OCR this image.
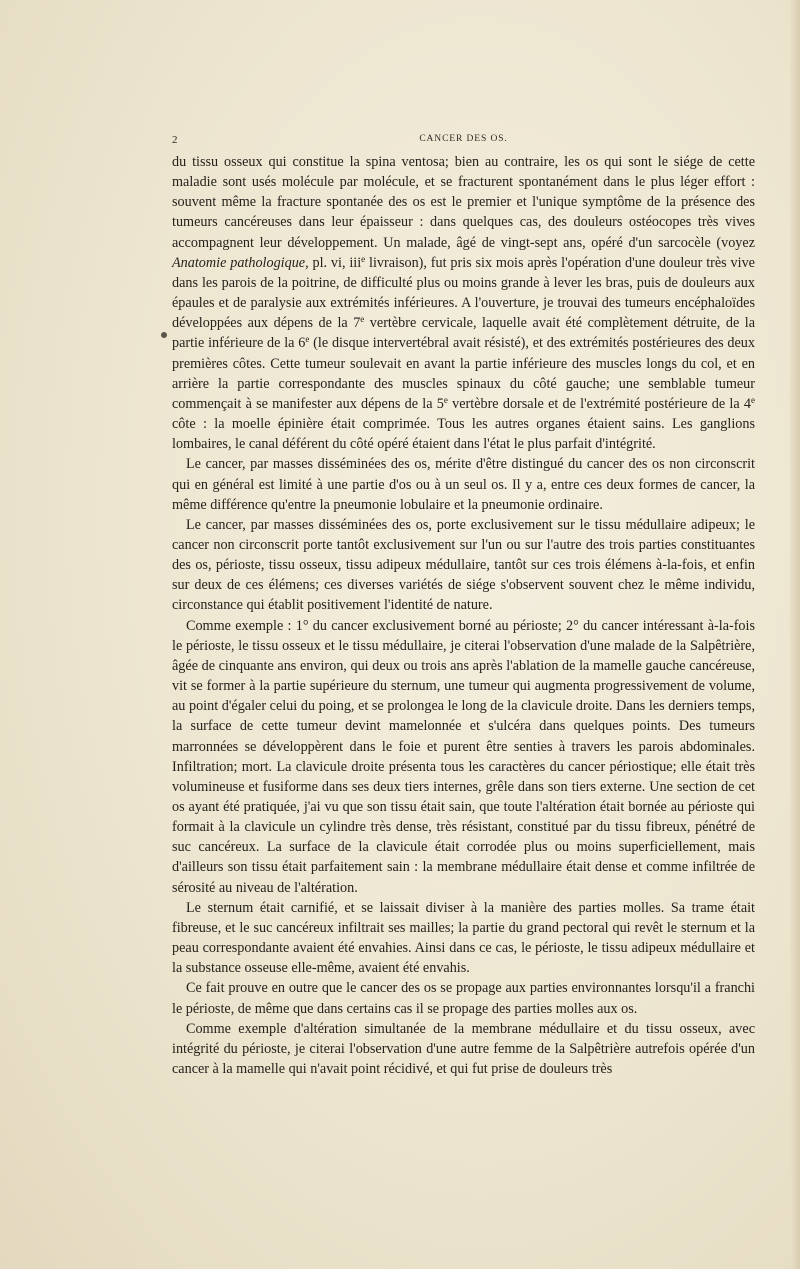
2	CANCER DES OS.

du tissu osseux qui constitue la spina ventosa; bien au contraire, les os qui sont le siége de cette maladie sont usés molécule par molécule, et se fracturent spontanément dans le plus léger effort : souvent même la fracture spontanée des os est le premier et l'unique symptôme de la présence des tumeurs cancéreuses dans leur épaisseur : dans quelques cas, des douleurs ostéocopes très vives accompagnent leur développement. Un malade, âgé de vingt-sept ans, opéré d'un sarcocèle (voyez Anatomie pathologique, pl. vi, iii$^e$ livraison), fut pris six mois après l'opération d'une douleur très vive dans les parois de la poitrine, de difficulté plus ou moins grande à lever les bras, puis de douleurs aux épaules et de paralysie aux extrémités inférieures. A l'ouverture, je trouvai des tumeurs encéphaloïdes développées aux dépens de la 7e vertèbre cervicale, laquelle avait été complètement détruite, de la partie inférieure de la 6e (le disque intervertébral avait résisté), et des extrémités postérieures des deux premières côtes. Cette tumeur soulevait en avant la partie inférieure des muscles longs du col, et en arrière la partie correspondante des muscles spinaux du côté gauche; une semblable tumeur commençait à se manifester aux dépens de la 5e vertèbre dorsale et de l'extrémité postérieure de la 4e côte : la moelle épinière était comprimée. Tous les autres organes étaient sains. Les ganglions lombaires, le canal déférent du côté opéré étaient dans l'état le plus parfait d'intégrité.

Le cancer, par masses disséminées des os, mérite d'être distingué du cancer des os non circonscrit qui en général est limité à une partie d'os ou à un seul os. Il y a, entre ces deux formes de cancer, la même différence qu'entre la pneumonie lobulaire et la pneumonie ordinaire.

Le cancer, par masses disséminées des os, porte exclusivement sur le tissu médullaire adipeux; le cancer non circonscrit porte tantôt exclusivement sur l'un ou sur l'autre des trois parties constituantes des os, périoste, tissu osseux, tissu adipeux médullaire, tantôt sur ces trois élémens à-la-fois, et enfin sur deux de ces élémens; ces diverses variétés de siége s'observent souvent chez le même individu, circonstance qui établit positivement l'identité de nature.

Comme exemple : 1° du cancer exclusivement borné au périoste; 2° du cancer intéressant à-la-fois le périoste, le tissu osseux et le tissu médullaire, je citerai l'observation d'une malade de la Salpêtrière, âgée de cinquante ans environ, qui deux ou trois ans après l'ablation de la mamelle gauche cancéreuse, vit se former à la partie supérieure du sternum, une tumeur qui augmenta progressivement de volume, au point d'égaler celui du poing, et se prolongea le long de la clavicule droite. Dans les derniers temps, la surface de cette tumeur devint mamelonnée et s'ulcéra dans quelques points. Des tumeurs marronnées se développèrent dans le foie et purent être senties à travers les parois abdominales. Infiltration; mort. La clavicule droite présenta tous les caractères du cancer périostique; elle était très volumineuse et fusiforme dans ses deux tiers internes, grêle dans son tiers externe. Une section de cet os ayant été pratiquée, j'ai vu que son tissu était sain, que toute l'altération était bornée au périoste qui formait à la clavicule un cylindre très dense, très résistant, constitué par du tissu fibreux, pénétré de suc cancéreux. La surface de la clavicule était corrodée plus ou moins superficiellement, mais d'ailleurs son tissu était parfaitement sain : la membrane médullaire était dense et comme infiltrée de sérosité au niveau de l'altération.

Le sternum était carnifié, et se laissait diviser à la manière des parties molles. Sa trame était fibreuse, et le suc cancéreux infiltrait ses mailles; la partie du grand pectoral qui revêt le sternum et la peau correspondante avaient été envahies. Ainsi dans ce cas, le périoste, le tissu adipeux médullaire et la substance osseuse elle-même, avaient été envahis.

Ce fait prouve en outre que le cancer des os se propage aux parties environnantes lorsqu'il a franchi le périoste, de même que dans certains cas il se propage des parties molles aux os.

Comme exemple d'altération simultanée de la membrane médullaire et du tissu osseux, avec intégrité du périoste, je citerai l'observation d'une autre femme de la Salpêtrière autrefois opérée d'un cancer à la mamelle qui n'avait point récidivé, et qui fut prise de douleurs très
